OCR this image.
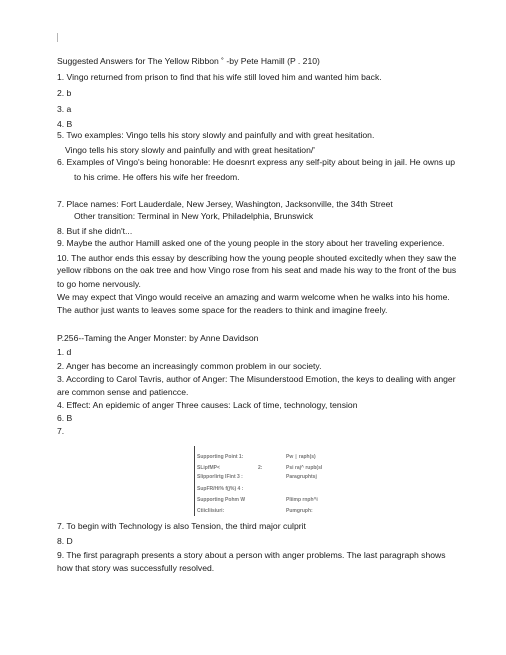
Suggested Answers for The Yellow Ribbon ˚ -by Pete Hamill (P . 210)
1. Vingo returned from prison to find that his wife still loved him and wanted him back.
2. b
3. a
4. B
5. Two examples: Vingo tells his story slowly and painfully and with great hesitation.
Vingo tells his story slowly and painfully and with great hesitation/'
6. Examples of Vingo's being honorable: He doesnrt express any self-pity about being in jail. He owns up
to his crime. He offers his wife her freedom.
7. Place names: Fort Lauderdale, New Jersey, Washington, Jacksonville, the 34th Street
Other transition: Terminal in New York, Philadelphia, Brunswick
8. But if she didn't...
9. Maybe the author Hamill asked one of the young people in the story about her traveling experience.
10. The author ends this essay by describing how the young people shouted excitedly when they saw the
yellow ribbons on the oak tree and how Vingo rose from his seat and made his way to the front of the bus
to go home nervously.
We may expect that Vingo would receive an amazing and warm welcome when he walks into his home.
The author just wants to leaves some space for the readers to think and imagine freely.
P.256--Taming the Anger Monster: by Anne Davidson
1. d
2. Anger has become an increasingly common problem in our society.
3. According to Carol Tavris, author of Anger: The Misunderstood Emotion, the keys to dealing with anger
are common sense and patiencce.
4. Effect: An epidemic of anger Three causes: Lack of time, technology, tension
6. B
7.
Supporting Point 1:	Pw ▯ raph(s)
SLipfMP<	2:	Psi raj^ rupb(sl
Slipporlirtg lFint 3 :	Paragruphtsj
SupFR/Hi% f(j%) 4 :
Supporting Pohm W	Pliimp rnph^i
Ctiicliisiuri:	Pumgruph:
7. To begin with Technology is also Tension, the third major culprit
8. D
9. The first paragraph presents a story about a person with anger problems. The last paragraph shows
how that story was successfully resolved.
